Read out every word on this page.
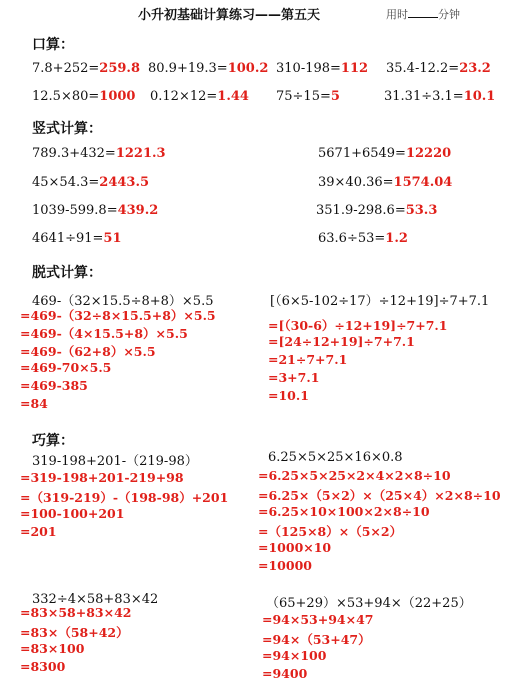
小升初基础计算练习——第五天	用时	分钟
口算：
7.8+252=259.8 80.9+19.3=100.2 310-198=112 35.4-12.2=23.2
12.5×80=1000 0.12×12=1.44 75÷15=5	31.31÷3.1=10.1
竖式计算：
789.3+432=1221.3	5671+6549=12220
45×54.3=2443.5	39×40.36=1574.04
1039-599.8=439.2	351.9-298.6=53.3
4641÷91=51	63.6÷53=1.2
脱式计算：
469-（32×15.5÷8+8）×5.5
=469-（32÷8×15.5+8）×5.5
=469-（4×15.5+8）×5.5
=469-（62+8）×5.5
=469-70×5.5
=469-385
=84
[（6×5-102÷17）÷12+19]÷7+7.1
=[（30-6）÷12+19]÷7+7.1
=[24÷12+19]÷7+7.1
=21÷7+7.1
=3+7.1
=10.1
巧算：
319-198+201-（219-98）
=319-198+201-219+98
=（319-219）-（198-98）+201
=100-100+201
=201
6.25×5×25×16×0.8
=6.25×5×25×2×4×2×8÷10
=6.25×（5×2）×（25×4）×2×8÷10
=6.25×10×100×2×8÷10
=（125×8）×（5×2）
=1000×10
=10000
332÷4×58+83×42
=83×58+83×42
=83×（58+42）
=83×100
=8300
（65+29）×53+94×（22+25）
=94×53+94×47
=94×（53+47）
=94×100
=9400
